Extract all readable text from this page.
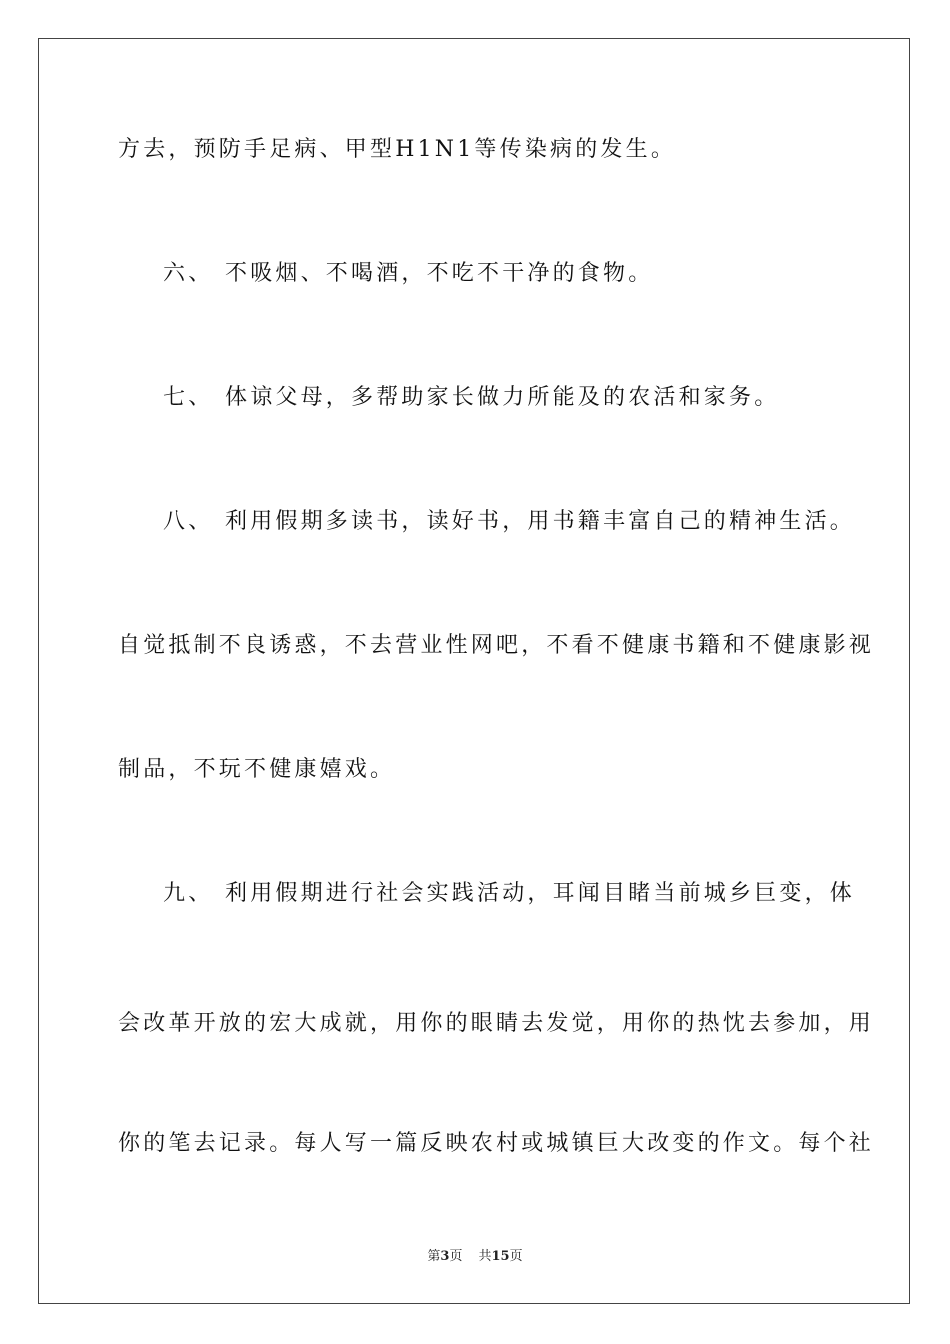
方去，预防手足病、甲型H1N1等传染病的发生。
六、 不吸烟、不喝酒，不吃不干净的食物。
七、 体谅父母，多帮助家长做力所能及的农活和家务。
八、 利用假期多读书，读好书，用书籍丰富自己的精神生活。
自觉抵制不良诱惑，不去营业性网吧，不看不健康书籍和不健康影视
制品，不玩不健康嬉戏。
九、 利用假期进行社会实践活动，耳闻目睹当前城乡巨变，体
会改革开放的宏大成就，用你的眼睛去发觉，用你的热忱去参加，用
你的笔去记录。每人写一篇反映农村或城镇巨大改变的作文。每个社
第3页 共15页
